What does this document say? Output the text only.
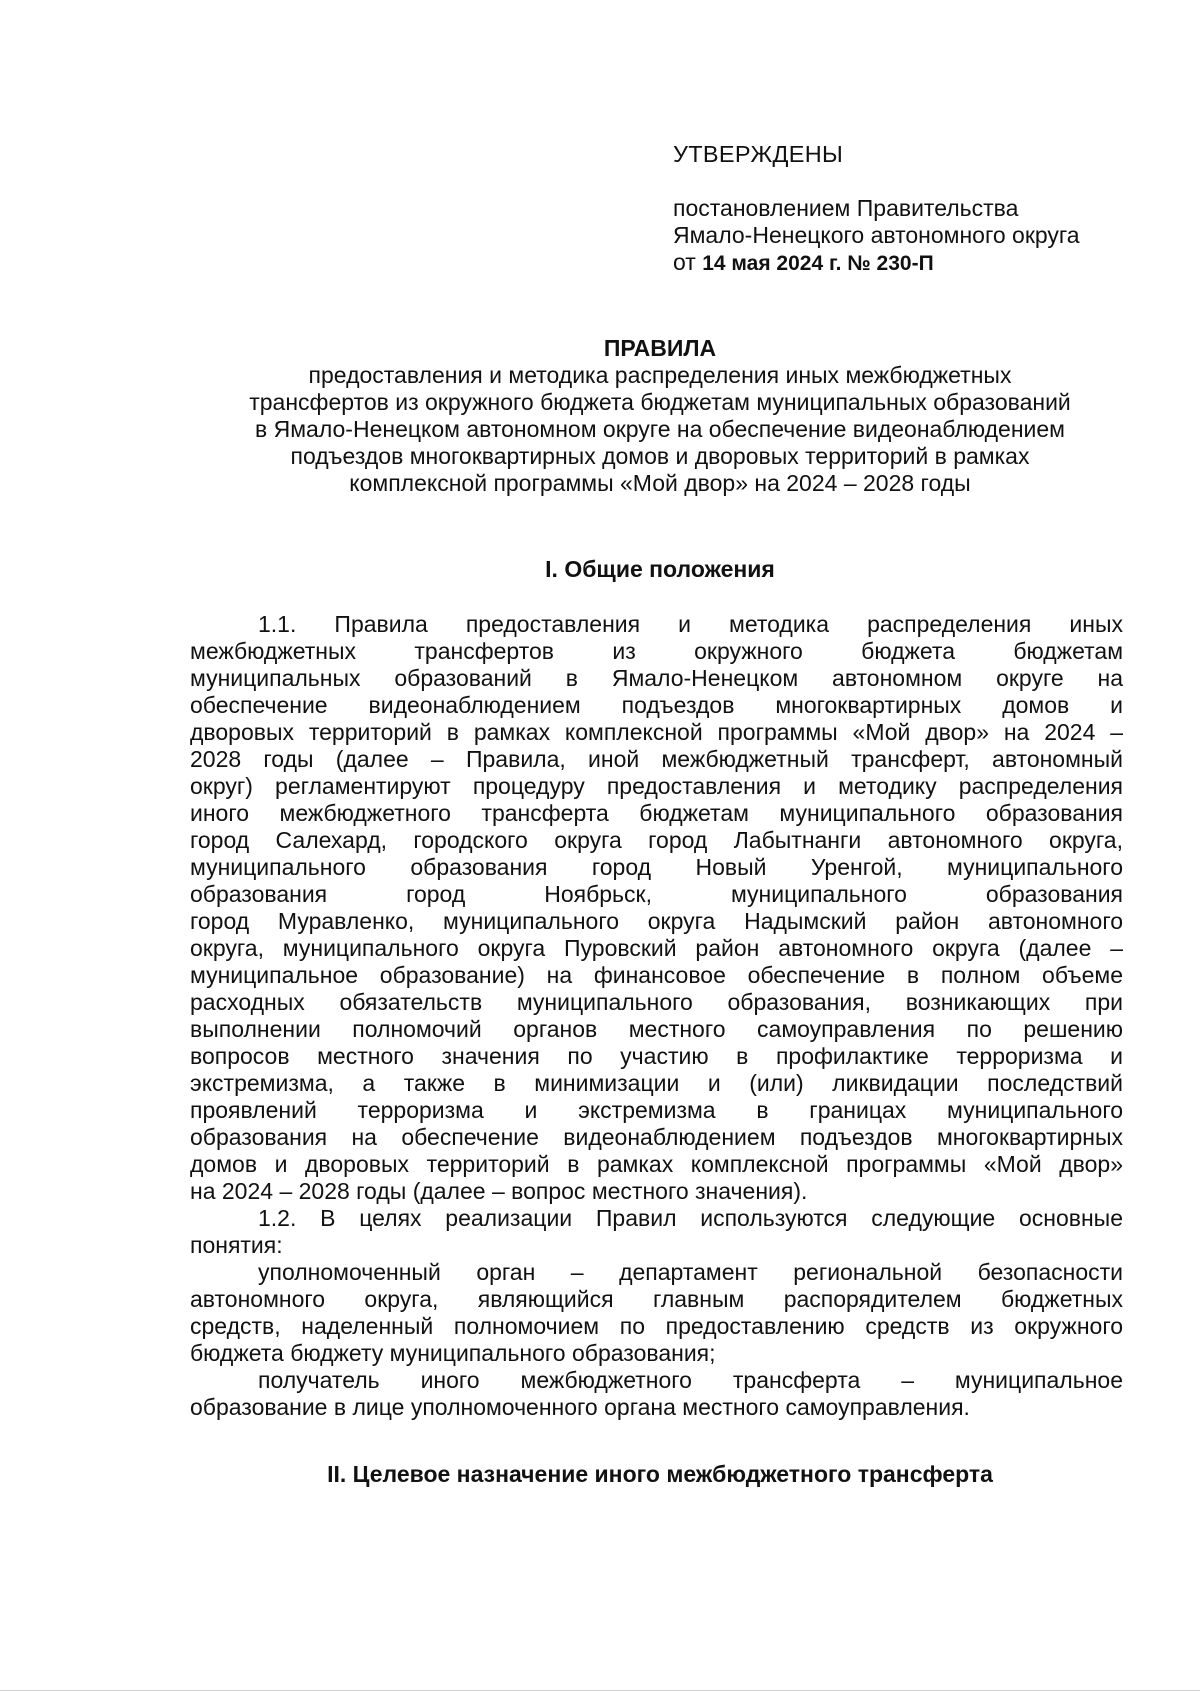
УТВЕРЖДЕНЫ
постановлением Правительства
Ямало-Ненецкого автономного округа
от 14 мая 2024 г. № 230-П
ПРАВИЛА
предоставления и методика распределения иных межбюджетных
трансфертов из окружного бюджета бюджетам муниципальных образований
в Ямало-Ненецком автономном округе на обеспечение видеонаблюдением
подъездов многоквартирных домов и дворовых территорий в рамках
комплексной программы «Мой двор» на 2024 – 2028 годы
I. Общие положения
1.1. Правила предоставления и методика распределения иных
межбюджетных трансфертов из окружного бюджета бюджетам
муниципальных образований в Ямало-Ненецком автономном округе на
обеспечение видеонаблюдением подъездов многоквартирных домов и
дворовых территорий в рамках комплексной программы «Мой двор» на 2024 –
2028 годы (далее – Правила, иной межбюджетный трансферт, автономный
округ) регламентируют процедуру предоставления и методику распределения
иного межбюджетного трансферта бюджетам муниципального образования
город Салехард, городского округа город Лабытнанги автономного округа,
муниципального образования город Новый Уренгой, муниципального
образования город Ноябрьск, муниципального образования
город Муравленко, муниципального округа Надымский район автономного
округа, муниципального округа Пуровский район автономного округа (далее –
муниципальное образование) на финансовое обеспечение в полном объеме
расходных обязательств муниципального образования, возникающих при
выполнении полномочий органов местного самоуправления по решению
вопросов местного значения по участию в профилактике терроризма и
экстремизма, а также в минимизации и (или) ликвидации последствий
проявлений терроризма и экстремизма в границах муниципального
образования на обеспечение видеонаблюдением подъездов многоквартирных
домов и дворовых территорий в рамках комплексной программы «Мой двор»
на 2024 – 2028 годы (далее – вопрос местного значения).
1.2. В целях реализации Правил используются следующие основные
понятия:
уполномоченный орган – департамент региональной безопасности
автономного округа, являющийся главным распорядителем бюджетных
средств, наделенный полномочием по предоставлению средств из окружного
бюджета бюджету муниципального образования;
получатель иного межбюджетного трансферта – муниципальное
образование в лице уполномоченного органа местного самоуправления.
II. Целевое назначение иного межбюджетного трансферта
